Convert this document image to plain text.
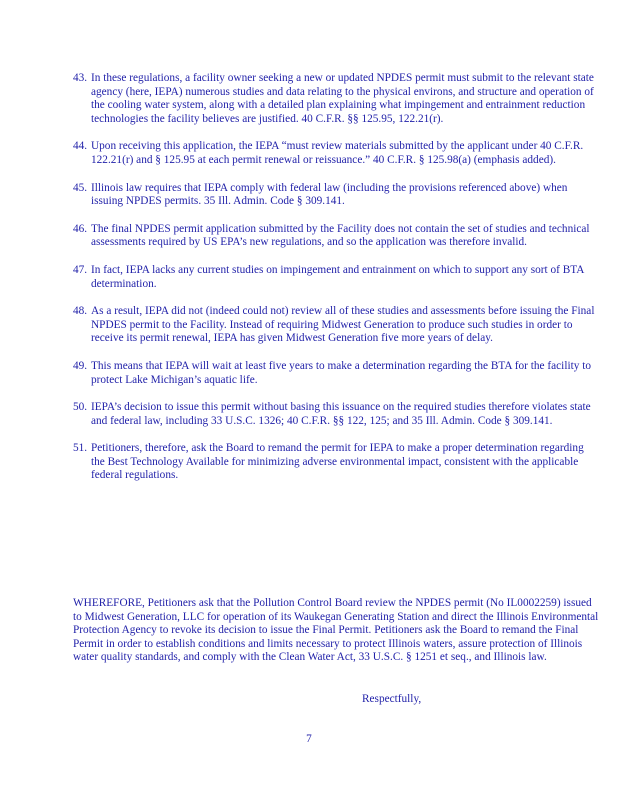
43. In these regulations, a facility owner seeking a new or updated NPDES permit must submit to the relevant state agency (here, IEPA) numerous studies and data relating to the physical environs, and structure and operation of the cooling water system, along with a detailed plan explaining what impingement and entrainment reduction technologies the facility believes are justified. 40 C.F.R. §§ 125.95, 122.21(r).
44. Upon receiving this application, the IEPA “must review materials submitted by the applicant under 40 C.F.R. 122.21(r) and § 125.95 at each permit renewal or reissuance.” 40 C.F.R. § 125.98(a) (emphasis added).
45. Illinois law requires that IEPA comply with federal law (including the provisions referenced above) when issuing NPDES permits. 35 Ill. Admin. Code § 309.141.
46. The final NPDES permit application submitted by the Facility does not contain the set of studies and technical assessments required by US EPA’s new regulations, and so the application was therefore invalid.
47. In fact, IEPA lacks any current studies on impingement and entrainment on which to support any sort of BTA determination.
48. As a result, IEPA did not (indeed could not) review all of these studies and assessments before issuing the Final NPDES permit to the Facility. Instead of requiring Midwest Generation to produce such studies in order to receive its permit renewal, IEPA has given Midwest Generation five more years of delay.
49. This means that IEPA will wait at least five years to make a determination regarding the BTA for the facility to protect Lake Michigan’s aquatic life.
50. IEPA’s decision to issue this permit without basing this issuance on the required studies therefore violates state and federal law, including 33 U.S.C. 1326; 40 C.F.R. §§ 122, 125; and 35 Ill. Admin. Code § 309.141.
51. Petitioners, therefore, ask the Board to remand the permit for IEPA to make a proper determination regarding the Best Technology Available for minimizing adverse environmental impact, consistent with the applicable federal regulations.

WHEREFORE, Petitioners ask that the Pollution Control Board review the NPDES permit (No IL0002259) issued to Midwest Generation, LLC for operation of its Waukegan Generating Station and direct the Illinois Environmental Protection Agency to revoke its decision to issue the Final Permit. Petitioners ask the Board to remand the Final Permit in order to establish conditions and limits necessary to protect Illinois waters, assure protection of Illinois water quality standards, and comply with the Clean Water Act, 33 U.S.C. § 1251 et seq., and Illinois law.

Respectfully,

7
